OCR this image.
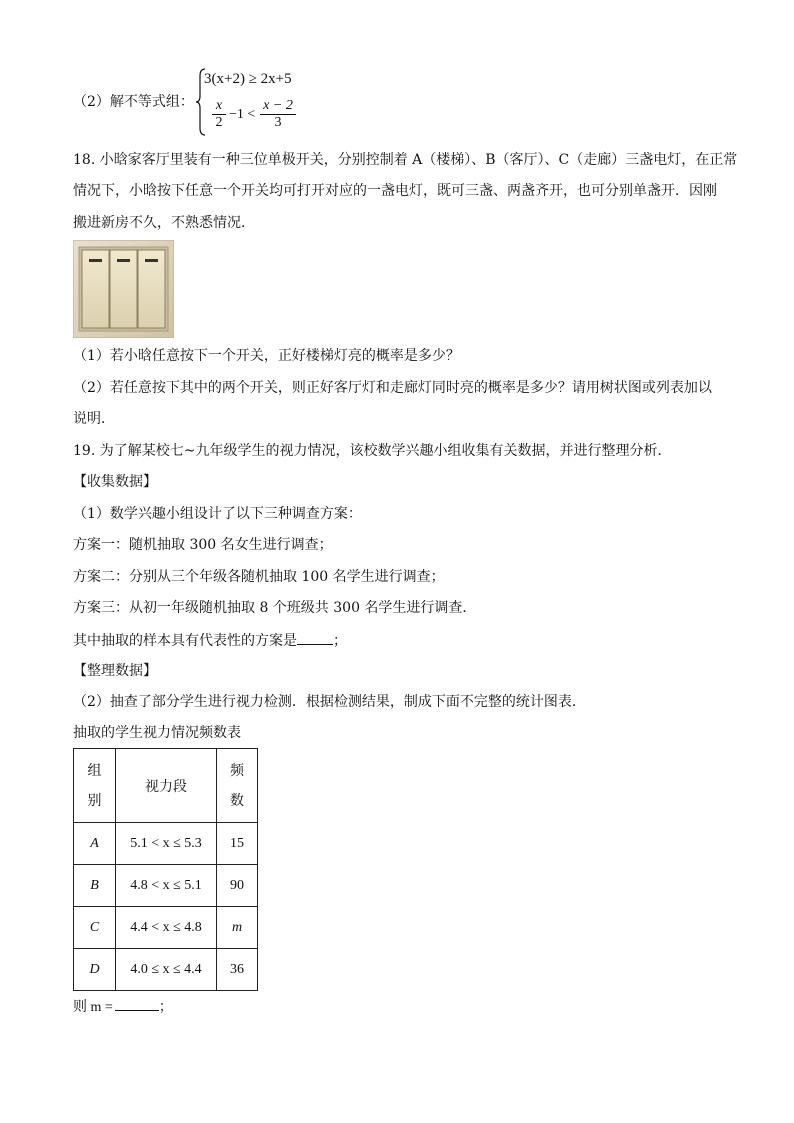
（2）解不等式组：
3(x+2) ≥ 2x+5
x
2
−1 <
x − 2
3
18. 小晗家客厅里装有一种三位单极开关，分别控制着 A（楼梯）、B（客厅）、C（走廊）三盏电灯，在正常
情况下，小晗按下任意一个开关均可打开对应的一盏电灯，既可三盏、两盏齐开，也可分别单盏开．因刚
搬进新房不久，不熟悉情况．
（1）若小晗任意按下一个开关，正好楼梯灯亮的概率是多少？
（2）若任意按下其中的两个开关，则正好客厅灯和走廊灯同时亮的概率是多少？请用树状图或列表加以
说明．
19. 为了解某校七~九年级学生的视力情况，该校数学兴趣小组收集有关数据，并进行整理分析．
【收集数据】
（1）数学兴趣小组设计了以下三种调查方案：
方案一：随机抽取 300 名女生进行调查；
方案二：分别从三个年级各随机抽取 100 名学生进行调查；
方案三：从初一年级随机抽取 8 个班级共 300 名学生进行调查．
其中抽取的样本具有代表性的方案是	；
【整理数据】
（2）抽查了部分学生进行视力检测．根据检测结果，制成下面不完整的统计图表．
抽取的学生视力情况频数表
组别	视力段	频数
A	5.1 < x ≤ 5.3	15
B	4.8 < x ≤ 5.1	90
C	4.4 < x ≤ 4.8	m
D	4.0 ≤ x ≤ 4.4	36
则 m =	；
